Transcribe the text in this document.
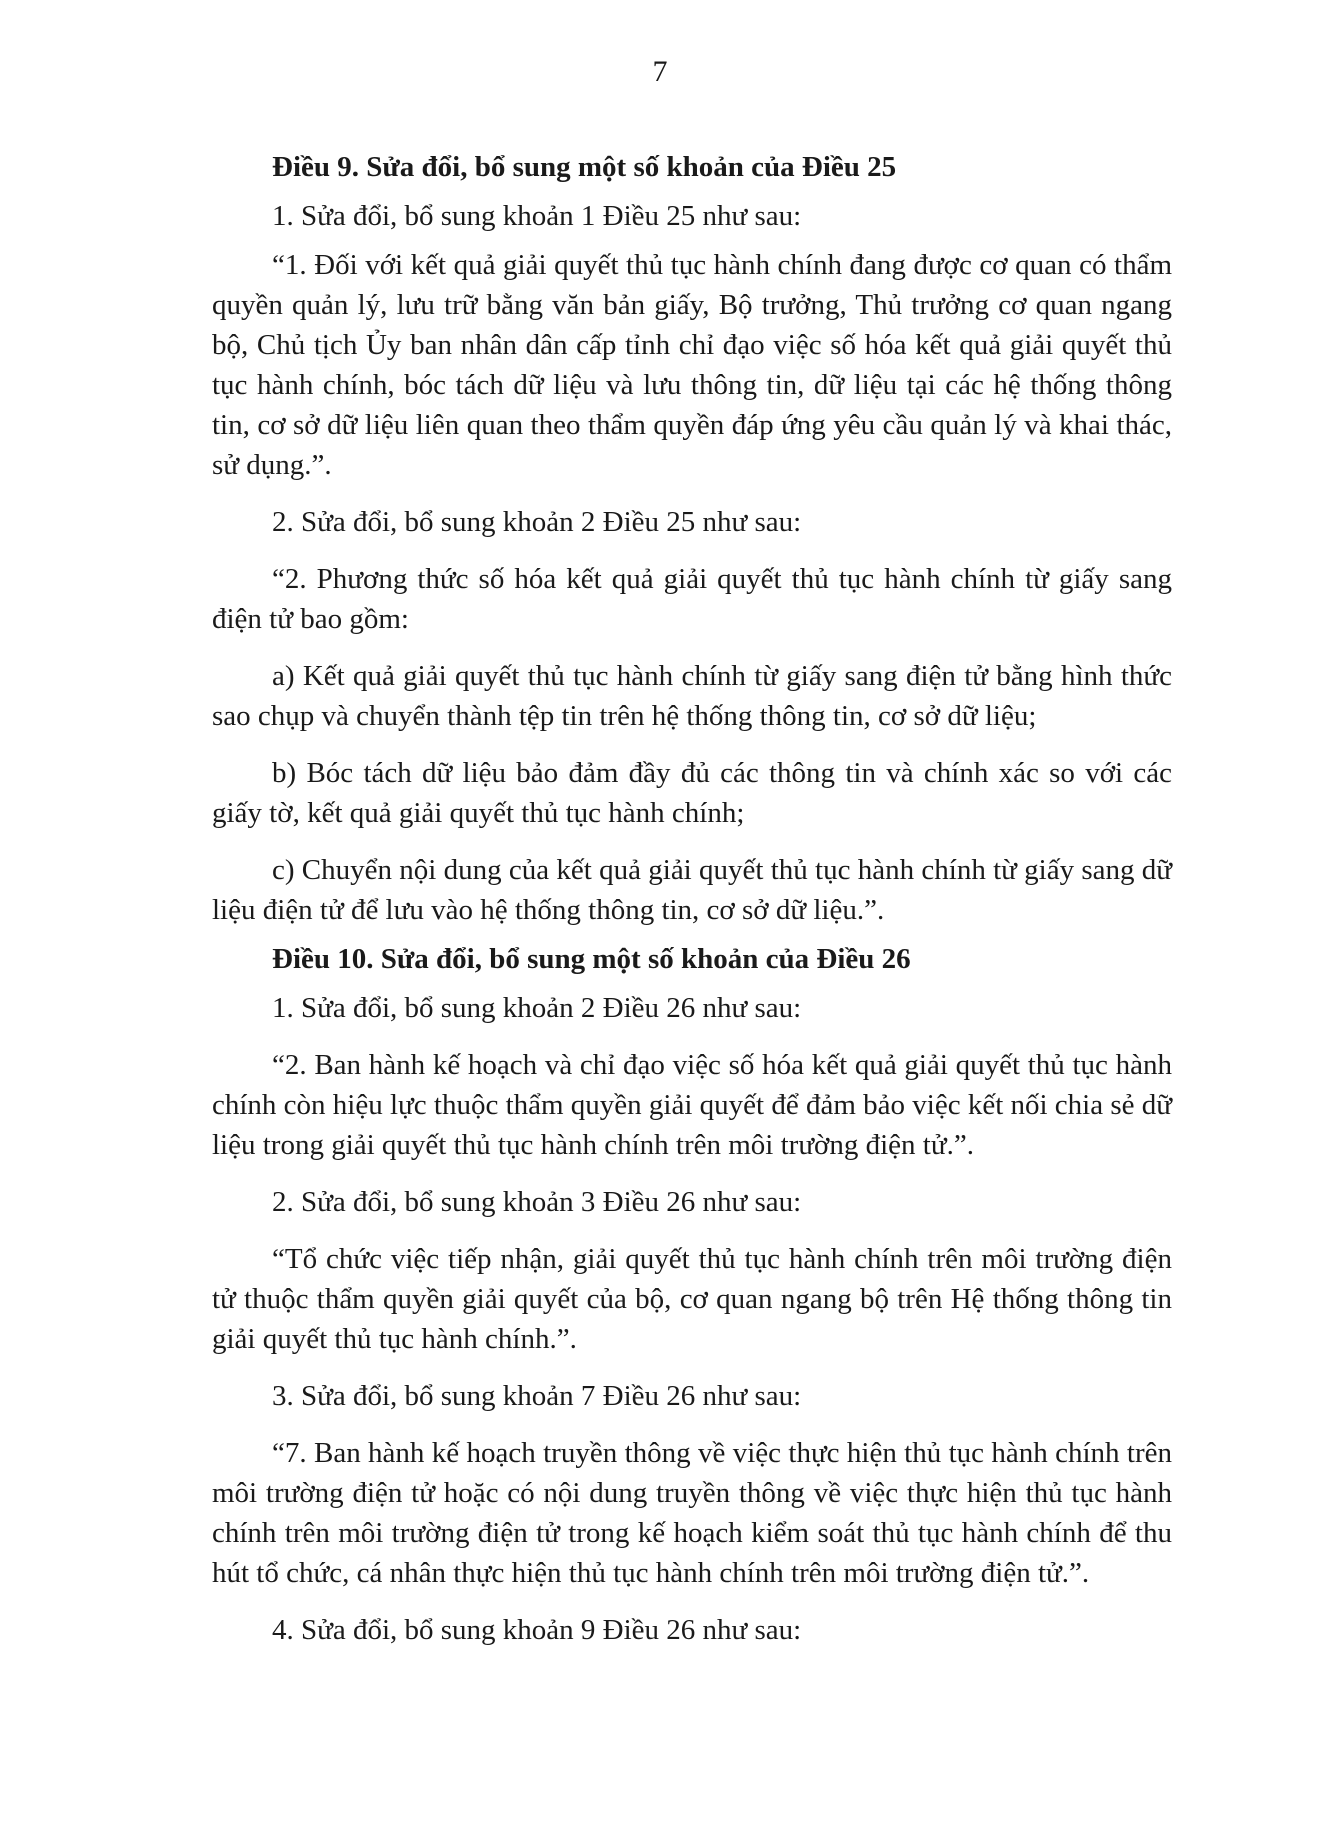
7

Điều 9. Sửa đổi, bổ sung một số khoản của Điều 25

1. Sửa đổi, bổ sung khoản 1 Điều 25 như sau:

“1. Đối với kết quả giải quyết thủ tục hành chính đang được cơ quan có thẩm quyền quản lý, lưu trữ bằng văn bản giấy, Bộ trưởng, Thủ trưởng cơ quan ngang bộ, Chủ tịch Ủy ban nhân dân cấp tỉnh chỉ đạo việc số hóa kết quả giải quyết thủ tục hành chính, bóc tách dữ liệu và lưu thông tin, dữ liệu tại các hệ thống thông tin, cơ sở dữ liệu liên quan theo thẩm quyền đáp ứng yêu cầu quản lý và khai thác, sử dụng.”.

2. Sửa đổi, bổ sung khoản 2 Điều 25 như sau:

“2. Phương thức số hóa kết quả giải quyết thủ tục hành chính từ giấy sang điện tử bao gồm:

a) Kết quả giải quyết thủ tục hành chính từ giấy sang điện tử bằng hình thức sao chụp và chuyển thành tệp tin trên hệ thống thông tin, cơ sở dữ liệu;

b) Bóc tách dữ liệu bảo đảm đầy đủ các thông tin và chính xác so với các giấy tờ, kết quả giải quyết thủ tục hành chính;

c) Chuyển nội dung của kết quả giải quyết thủ tục hành chính từ giấy sang dữ liệu điện tử để lưu vào hệ thống thông tin, cơ sở dữ liệu.”.

Điều 10. Sửa đổi, bổ sung một số khoản của Điều 26

1. Sửa đổi, bổ sung khoản 2 Điều 26 như sau:

“2. Ban hành kế hoạch và chỉ đạo việc số hóa kết quả giải quyết thủ tục hành chính còn hiệu lực thuộc thẩm quyền giải quyết để đảm bảo việc kết nối chia sẻ dữ liệu trong giải quyết thủ tục hành chính trên môi trường điện tử.”.

2. Sửa đổi, bổ sung khoản 3 Điều 26 như sau:

“Tổ chức việc tiếp nhận, giải quyết thủ tục hành chính trên môi trường điện tử thuộc thẩm quyền giải quyết của bộ, cơ quan ngang bộ trên Hệ thống thông tin giải quyết thủ tục hành chính.”.

3. Sửa đổi, bổ sung khoản 7 Điều 26 như sau:

“7. Ban hành kế hoạch truyền thông về việc thực hiện thủ tục hành chính trên môi trường điện tử hoặc có nội dung truyền thông về việc thực hiện thủ tục hành chính trên môi trường điện tử trong kế hoạch kiểm soát thủ tục hành chính để thu hút tổ chức, cá nhân thực hiện thủ tục hành chính trên môi trường điện tử.”.

4. Sửa đổi, bổ sung khoản 9 Điều 26 như sau:
